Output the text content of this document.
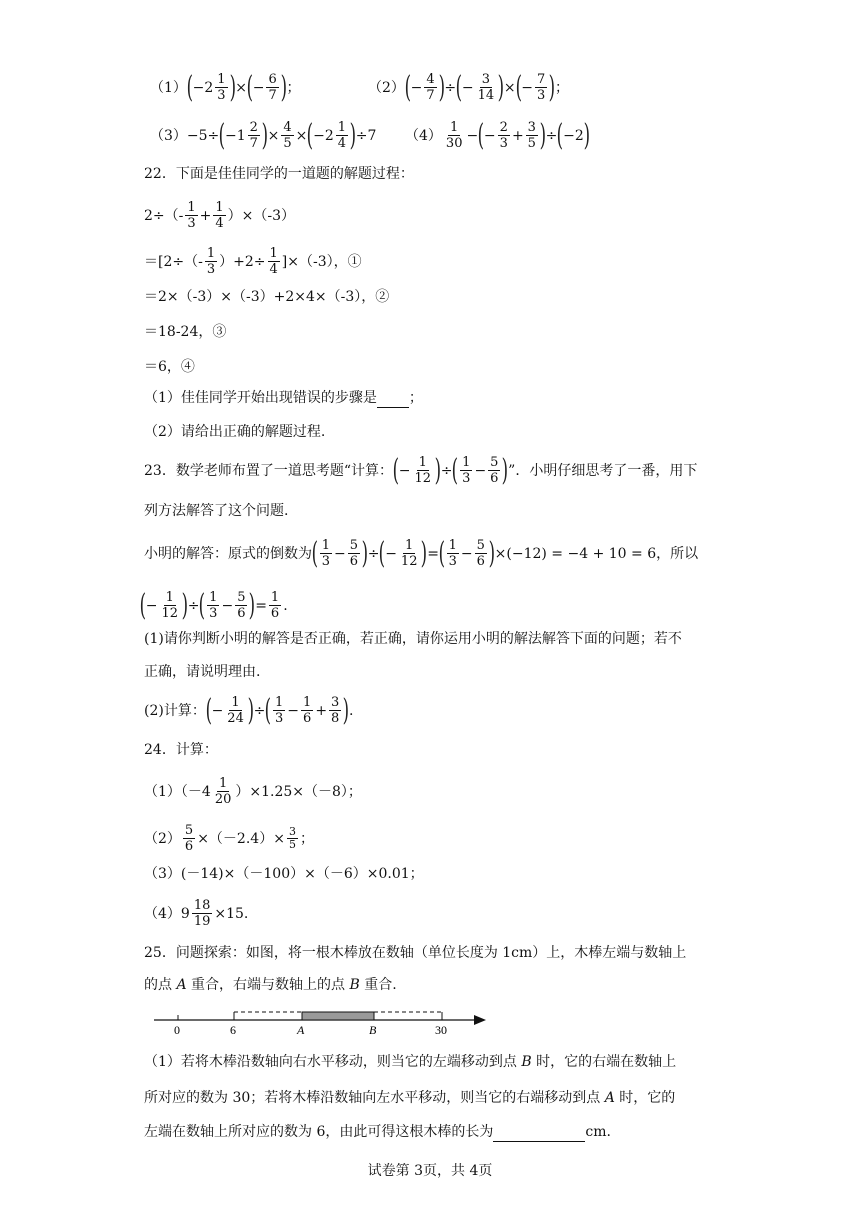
（1） ( $-2 \frac{1}{3}$ ) × ( − $\frac{6}{7}$ ) ；	（2） ( − $\frac{4}{7}$ ) ÷ ( − $\frac{3}{14}$ ) × ( − $\frac{7}{3}$ ) ；
（3） −5÷ ( $-1 \frac{2}{7}$ ) × $\frac{4}{5}$ × ( $-2 \frac{1}{4}$ ) ÷7 $(4) \frac{1}{30}$ − ( − $\frac{2}{3} + \frac{3}{5}$ ) ÷ ( −2 )
22．下面是佳佳同学的一道题的解题过程：
$2\div(- \frac{1}{3} + \frac{1}{4} )\times(-3)$
$=[2\div(- \frac{1}{3} )+2\div \frac{1}{4} ]\times(-3)$，①
＝2×（-3）×（-3）+2×4×（-3），②
＝18-24，③
＝6，④
（1）佳佳同学开始出现错误的步骤是 ；
（2）请给出正确的解题过程.
23．数学老师布置了一道思考题“计算： ( − $\frac{1}{12}$ ) ÷ ( $\frac{1}{3} - \frac{5}{6}$ ) ”．小明仔细思考了一番，用下
列方法解答了这个问题.
小明的解答：原式的倒数为 ( $\frac{1}{3} - \frac{5}{6}$ ) ÷ ( − $\frac{1}{12}$ ) = ( $\frac{1}{3} - \frac{5}{6}$ ) ×(−12) = −4 + 10 = 6 ，所以
( − $\frac{1}{12}$ ) ÷ ( $\frac{1}{3} - \frac{5}{6}$ ) = $\frac{1}{6}$ .
(1)请你判断小明的解答是否正确，若正确，请你运用小明的解法解答下面的问题；若不
正确，请说明理由.
(2)计算： ( − $\frac{1}{24}$ ) ÷ ( $\frac{1}{3} - \frac{1}{6} + \frac{3}{8}$ ) .
24．计算：
$(1)(-4 \frac{1}{20} )\times 1.25\times(-8)$；
$(2) \frac{5}{6} \times(-2.4)\times \frac{3}{5}$ ；
（3）(－14)×（－100）×（－6）×0.01；
$(4)9 \frac{18}{19} \times 15$.
25．问题探索：如图，将一根木棒放在数轴（单位长度为 1cm）上，木棒左端与数轴上
的点 A 重合，右端与数轴上的点 B 重合.
0	6	A	B	30
（1）若将木棒沿数轴向右水平移动，则当它的左端移动到点 B 时，它的右端在数轴上
所对应的数为 30；若将木棒沿数轴向左水平移动，则当它的右端移动到点 A 时，它的
左端在数轴上所对应的数为 6，由此可得这根木棒的长为	cm.
试卷第 3页，共 4页
